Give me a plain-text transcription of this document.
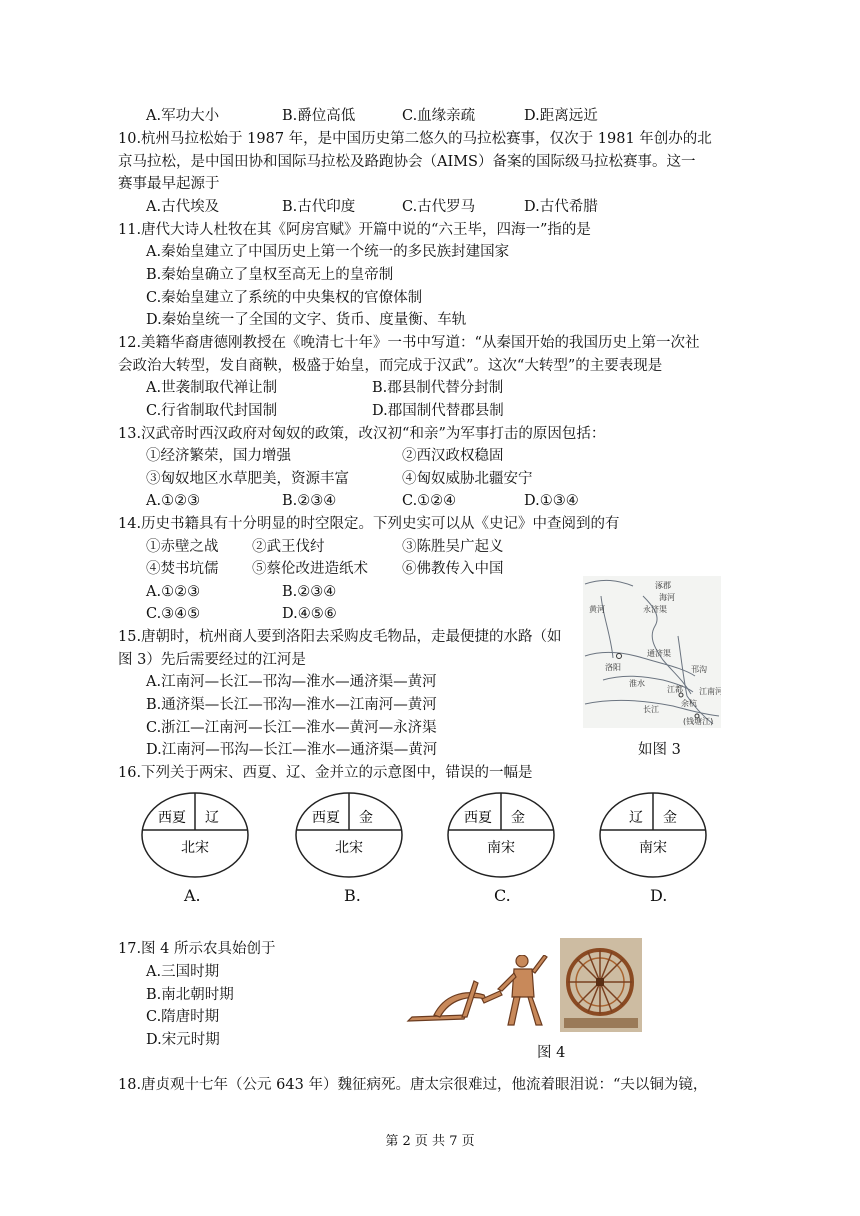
A.军功大小	B.爵位高低	C.血缘亲疏	D.距离远近
10.杭州马拉松始于 1987 年，是中国历史第二悠久的马拉松赛事，仅次于 1981 年创办的北
京马拉松，是中国田协和国际马拉松及路跑协会（AIMS）备案的国际级马拉松赛事。这一
赛事最早起源于
A.古代埃及	B.古代印度	C.古代罗马	D.古代希腊
11.唐代大诗人杜牧在其《阿房宫赋》开篇中说的“六王毕，四海一”指的是
A.秦始皇建立了中国历史上第一个统一的多民族封建国家
B.秦始皇确立了皇权至高无上的皇帝制
C.秦始皇建立了系统的中央集权的官僚体制
D.秦始皇统一了全国的文字、货币、度量衡、车轨
12.美籍华裔唐德刚教授在《晚清七十年》一书中写道：“从秦国开始的我国历史上第一次社
会政治大转型，发自商鞅，极盛于始皇，而完成于汉武”。这次“大转型”的主要表现是
A.世袭制取代禅让制	B.郡县制代替分封制
C.行省制取代封国制	D.郡国制代替郡县制
13.汉武帝时西汉政府对匈奴的政策，改汉初“和亲”为军事打击的原因包括：
①经济繁荣，国力增强	②西汉政权稳固
③匈奴地区水草肥美，资源丰富	④匈奴威胁北疆安宁
A.①②③	B.②③④	C.①②④	D.①③④
14.历史书籍具有十分明显的时空限定。下列史实可以从《史记》中查阅到的有
①赤壁之战 ②武王伐纣	③陈胜吴广起义
④焚书坑儒 ⑤蔡伦改进造纸术 ⑥佛教传入中国
A.①②③	B.②③④
C.③④⑤	D.④⑤⑥
15.唐朝时，杭州商人要到洛阳去采购皮毛物品，走最便捷的水路（如
图 3）先后需要经过的江河是
A.江南河—长江—邗沟—淮水—通济渠—黄河
B.通济渠—长江—邗沟—淮水—江南河—黄河
C.浙江—江南河—长江—淮水—黄河—永济渠
D.江南河—邗沟—长江—淮水—通济渠—黄河
涿郡
海河
黄河	永济渠
洛阳
通济渠
淮水
邗沟
江都
长江
江南河
余杭
(钱塘江)
如图 3
16.下列关于两宋、西夏、辽、金并立的示意图中，错误的一幅是
西夏 辽
北宋
A.
西夏 金
北宋
B.
西夏 金
南宋
C.
辽 金
南宋
D.
17.图 4 所示农具始创于
A.三国时期
B.南北朝时期
C.隋唐时期
D.宋元时期
图 4
18.唐贞观十七年（公元 643 年）魏征病死。唐太宗很难过，他流着眼泪说：“夫以铜为镜，
第 2 页 共 7 页
